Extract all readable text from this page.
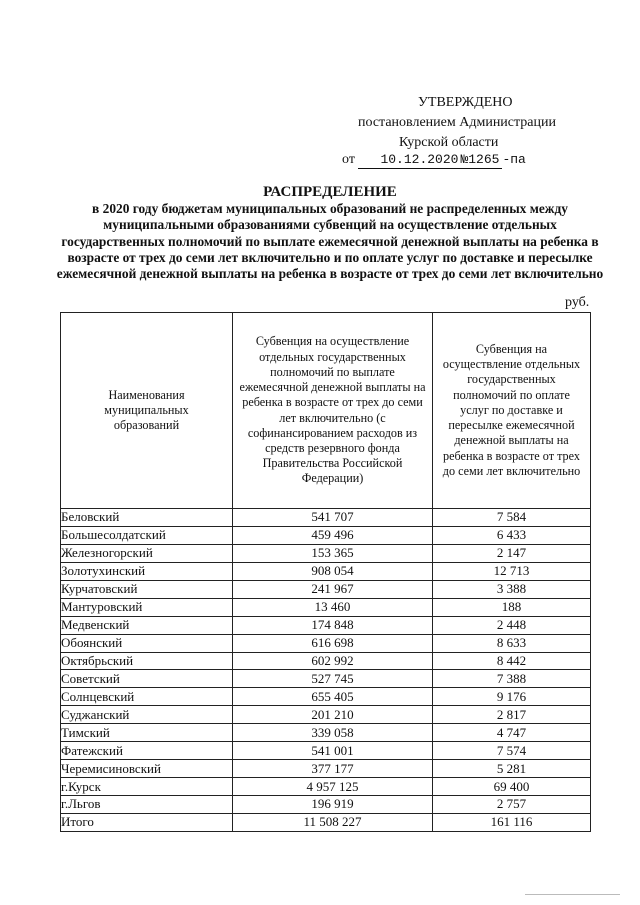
УТВЕРЖДЕНО
постановлением Администрации
Курской области
от 10.12.2020 №1265 -па
РАСПРЕДЕЛЕНИЕ
в 2020 году бюджетам муниципальных образований не распределенных между муниципальными образованиями субвенций на осуществление отдельных государственных полномочий по выплате ежемесячной денежной выплаты на ребенка в возрасте от трех до семи лет включительно и по оплате услуг по доставке и пересылке ежемесячной денежной выплаты на ребенка в возрасте от трех до семи лет включительно
руб.
Наименования муниципальных образований	Субвенция на осуществление отдельных государственных полномочий по выплате ежемесячной денежной выплаты на ребенка в возрасте от трех до семи лет включительно (с софинансированием расходов из средств резервного фонда Правительства Российской Федерации)	Субвенция на осуществление отдельных государственных полномочий по оплате услуг по доставке и пересылке ежемесячной денежной выплаты на ребенка в возрасте от трех до семи лет включительно
Беловский	541 707	7 584
Большесолдатский	459 496	6 433
Железногорский	153 365	2 147
Золотухинский	908 054	12 713
Курчатовский	241 967	3 388
Мантуровский	13 460	188
Медвенский	174 848	2 448
Обоянский	616 698	8 633
Октябрьский	602 992	8 442
Советский	527 745	7 388
Солнцевский	655 405	9 176
Суджанский	201 210	2 817
Тимский	339 058	4 747
Фатежский	541 001	7 574
Черемисиновский	377 177	5 281
г.Курск	4 957 125	69 400
г.Льгов	196 919	2 757
Итого	11 508 227	161 116
